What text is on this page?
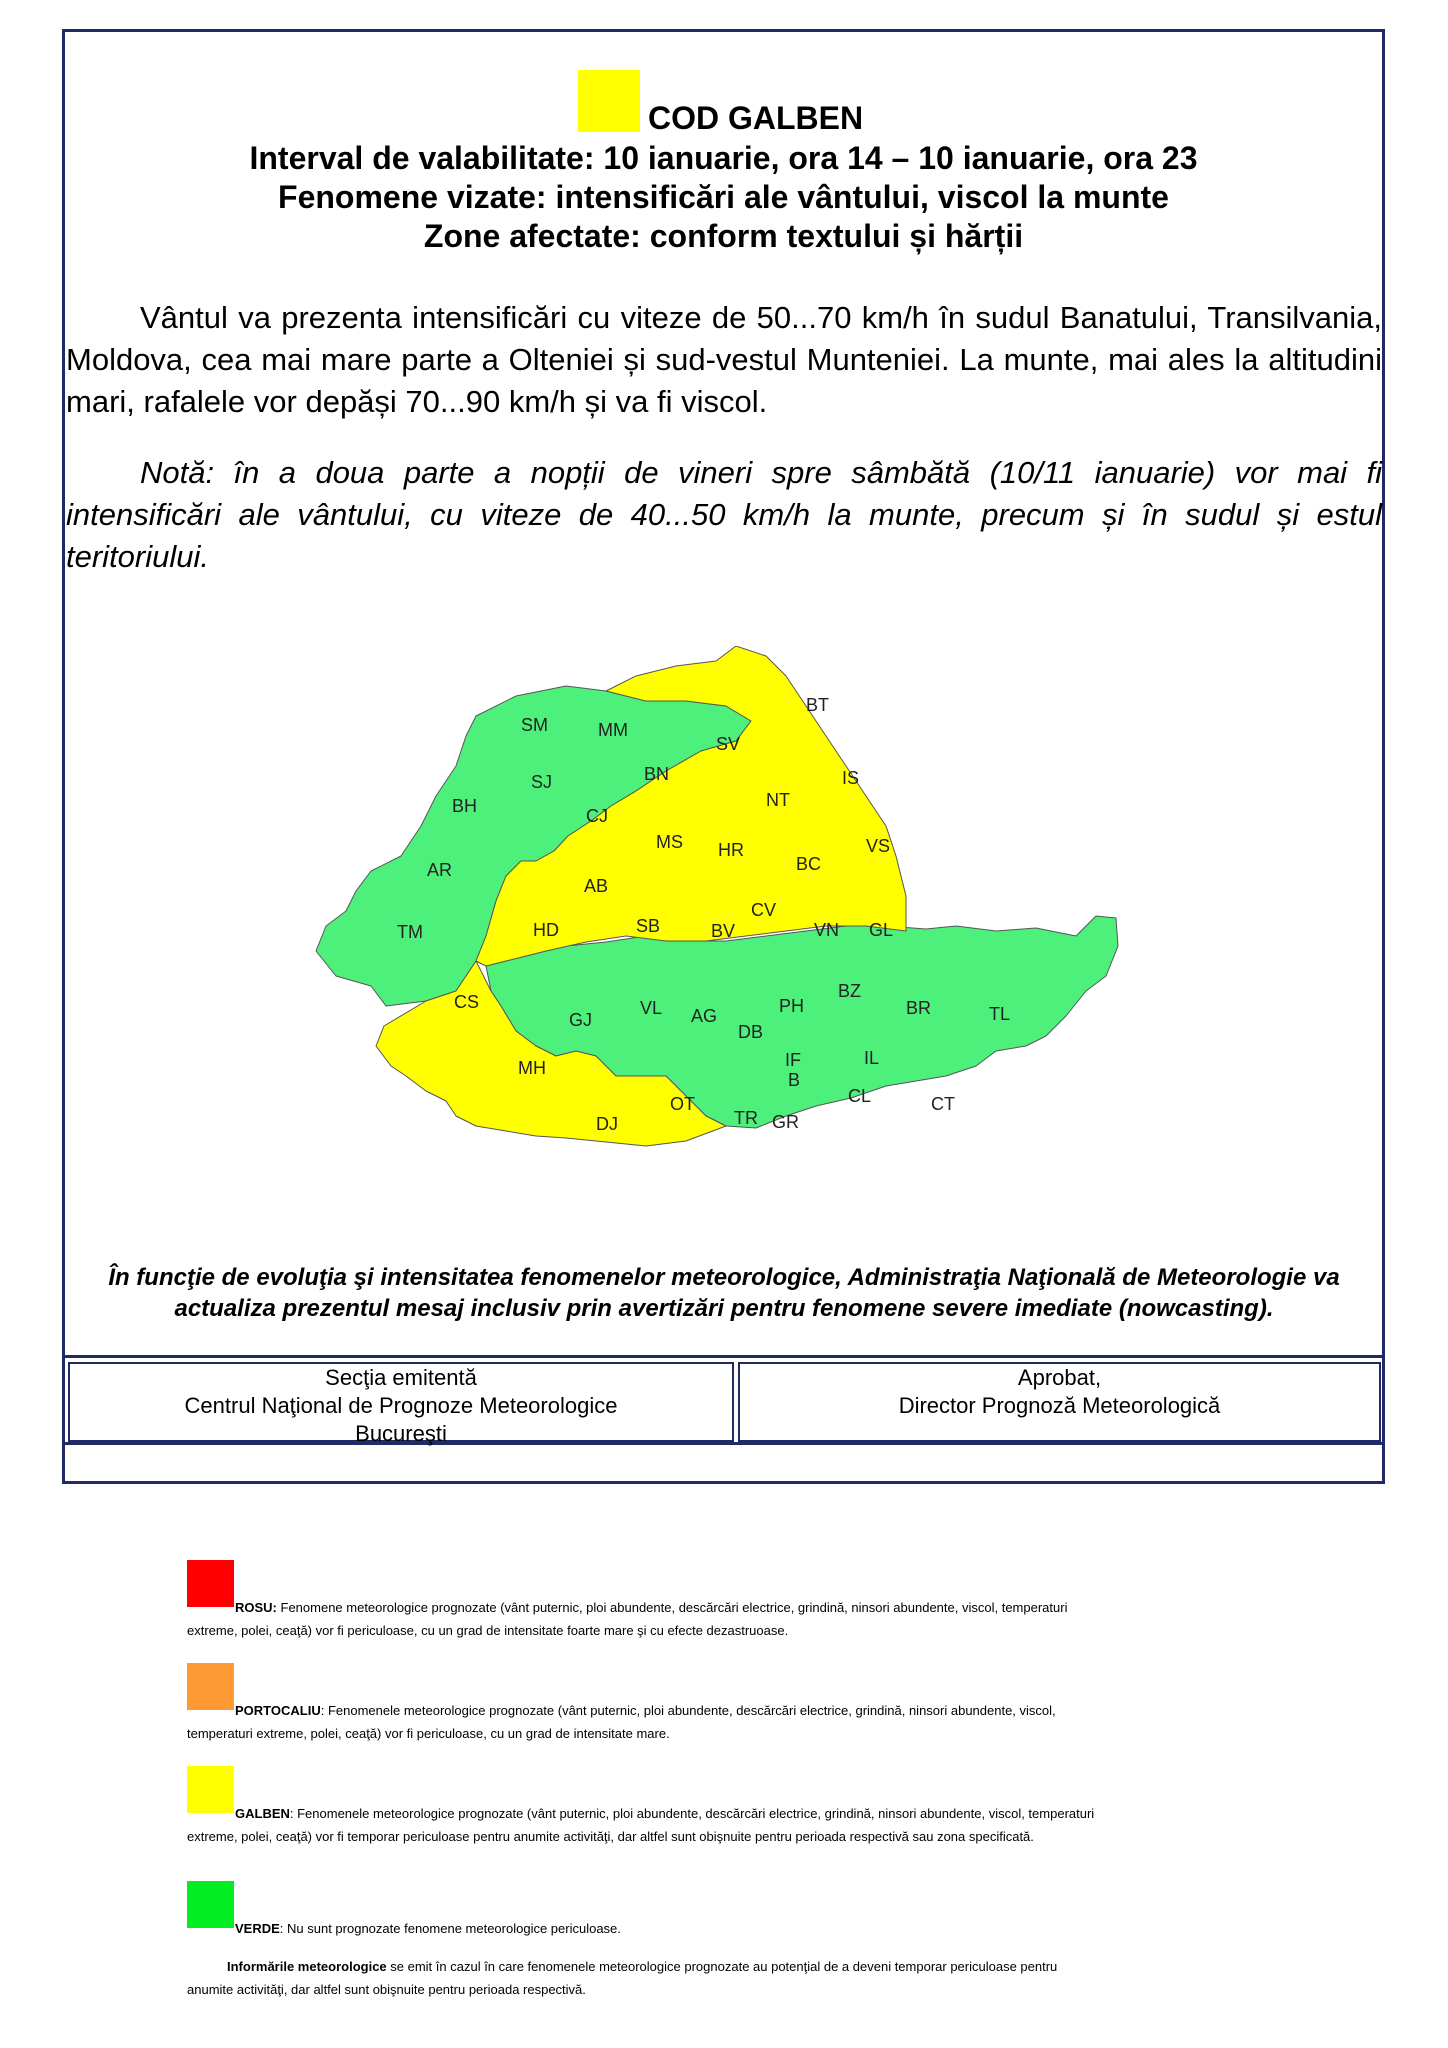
COD GALBEN
Interval de valabilitate: 10 ianuarie, ora 14 – 10 ianuarie, ora 23
Fenomene vizate: intensificări ale vântului, viscol la munte
Zone afectate: conform textului și hărții

Vântul va prezenta intensificări cu viteze de 50...70 km/h în sudul Banatului, Transilvania, Moldova, cea mai mare parte a Olteniei și sud-vestul Munteniei. La munte, mai ales la altitudini mari, rafalele vor depăși 70...90 km/h și va fi viscol.

Notă: în a doua parte a nopții de vineri spre sâmbătă (10/11 ianuarie) vor mai fi intensificări ale vântului, cu viteze de 40...50 km/h la munte, precum și în sudul și estul teritoriului.

SM	MM
BT
SV
SJ	BN	IS
BH	CJ
NT
MS HR	VS
AR
AB
BC
TM	HD	SB	BV
CV
VN GL
CS
GJ
VL AG
DB
PH
BZ
BR	TL
MH	IF
B
IL
DJ
OT
TR GR
CL	CT

În funcţie de evoluţia şi intensitatea fenomenelor meteorologice, Administraţia Naţională de Meteorologie va actualiza prezentul mesaj inclusiv prin avertizări pentru fenomene severe imediate (nowcasting).

Secţia emitentă
Centrul Naţional de Prognoze Meteorologice
Bucureşti
Aprobat,
Director Prognoză Meteorologică

ROSU: Fenomene meteorologice prognozate (vânt puternic, ploi abundente, descărcări electrice, grindină, ninsori abundente, viscol, temperaturi extreme, polei, ceaţă) vor fi periculoase, cu un grad de intensitate foarte mare şi cu efecte dezastruoase.

PORTOCALIU: Fenomenele meteorologice prognozate (vânt puternic, ploi abundente, descărcări electrice, grindină, ninsori abundente, viscol, temperaturi extreme, polei, ceaţă) vor fi periculoase, cu un grad de intensitate mare.

GALBEN: Fenomenele meteorologice prognozate (vânt puternic, ploi abundente, descărcări electrice, grindină, ninsori abundente, viscol, temperaturi extreme, polei, ceaţă) vor fi temporar periculoase pentru anumite activităţi, dar altfel sunt obişnuite pentru perioada respectivă sau zona specificată.

VERDE: Nu sunt prognozate fenomene meteorologice periculoase.

Informările meteorologice se emit în cazul în care fenomenele meteorologice prognozate au potenţial de a deveni temporar periculoase pentru anumite activităţi, dar altfel sunt obişnuite pentru perioada respectivă.
